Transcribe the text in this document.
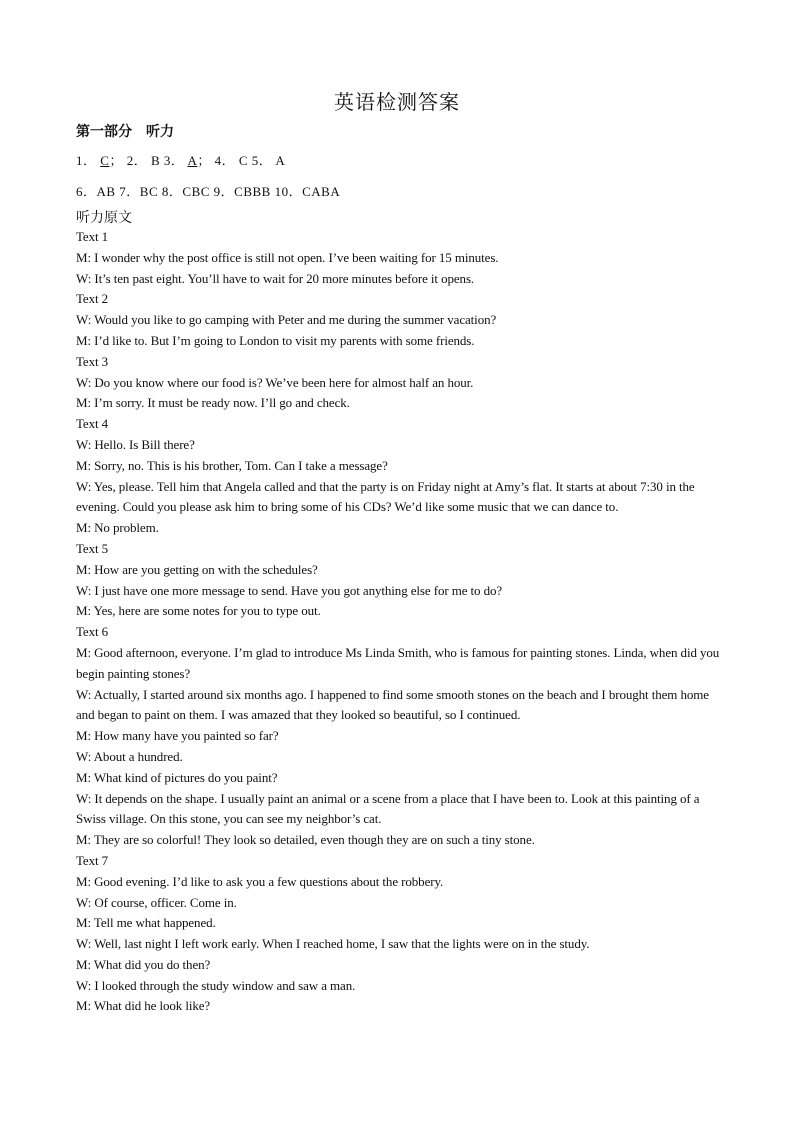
英语检测答案
第一部分 听力
1． C； 2． B 3． A； 4． C 5． A
6．AB 7．BC 8．CBC 9．CBBB 10．CABA
听力原文
Text 1
M: I wonder why the post office is still not open. I’ve been waiting for 15 minutes.
W: It’s ten past eight. You’ll have to wait for 20 more minutes before it opens.
Text 2
W: Would you like to go camping with Peter and me during the summer vacation?
M: I’d like to. But I’m going to London to visit my parents with some friends.
Text 3
W: Do you know where our food is? We’ve been here for almost half an hour.
M: I’m sorry. It must be ready now. I’ll go and check.
Text 4
W: Hello. Is Bill there?
M: Sorry, no. This is his brother, Tom. Can I take a message?
W: Yes, please. Tell him that Angela called and that the party is on Friday night at Amy’s flat. It starts at about 7:30 in the evening. Could you please ask him to bring some of his CDs? We’d like some music that we can dance to.
M: No problem.
Text 5
M: How are you getting on with the schedules?
W: I just have one more message to send. Have you got anything else for me to do?
M: Yes, here are some notes for you to type out.
Text 6
M: Good afternoon, everyone. I’m glad to introduce Ms Linda Smith, who is famous for painting stones. Linda, when did you begin painting stones?
W: Actually, I started around six months ago. I happened to find some smooth stones on the beach and I brought them home and began to paint on them. I was amazed that they looked so beautiful, so I continued.
M: How many have you painted so far?
W: About a hundred.
M: What kind of pictures do you paint?
W: It depends on the shape. I usually paint an animal or a scene from a place that I have been to. Look at this painting of a Swiss village. On this stone, you can see my neighbor’s cat.
M: They are so colorful! They look so detailed, even though they are on such a tiny stone.
Text 7
M: Good evening. I’d like to ask you a few questions about the robbery.
W: Of course, officer. Come in.
M: Tell me what happened.
W: Well, last night I left work early. When I reached home, I saw that the lights were on in the study.
M: What did you do then?
W: I looked through the study window and saw a man.
M: What did he look like?
